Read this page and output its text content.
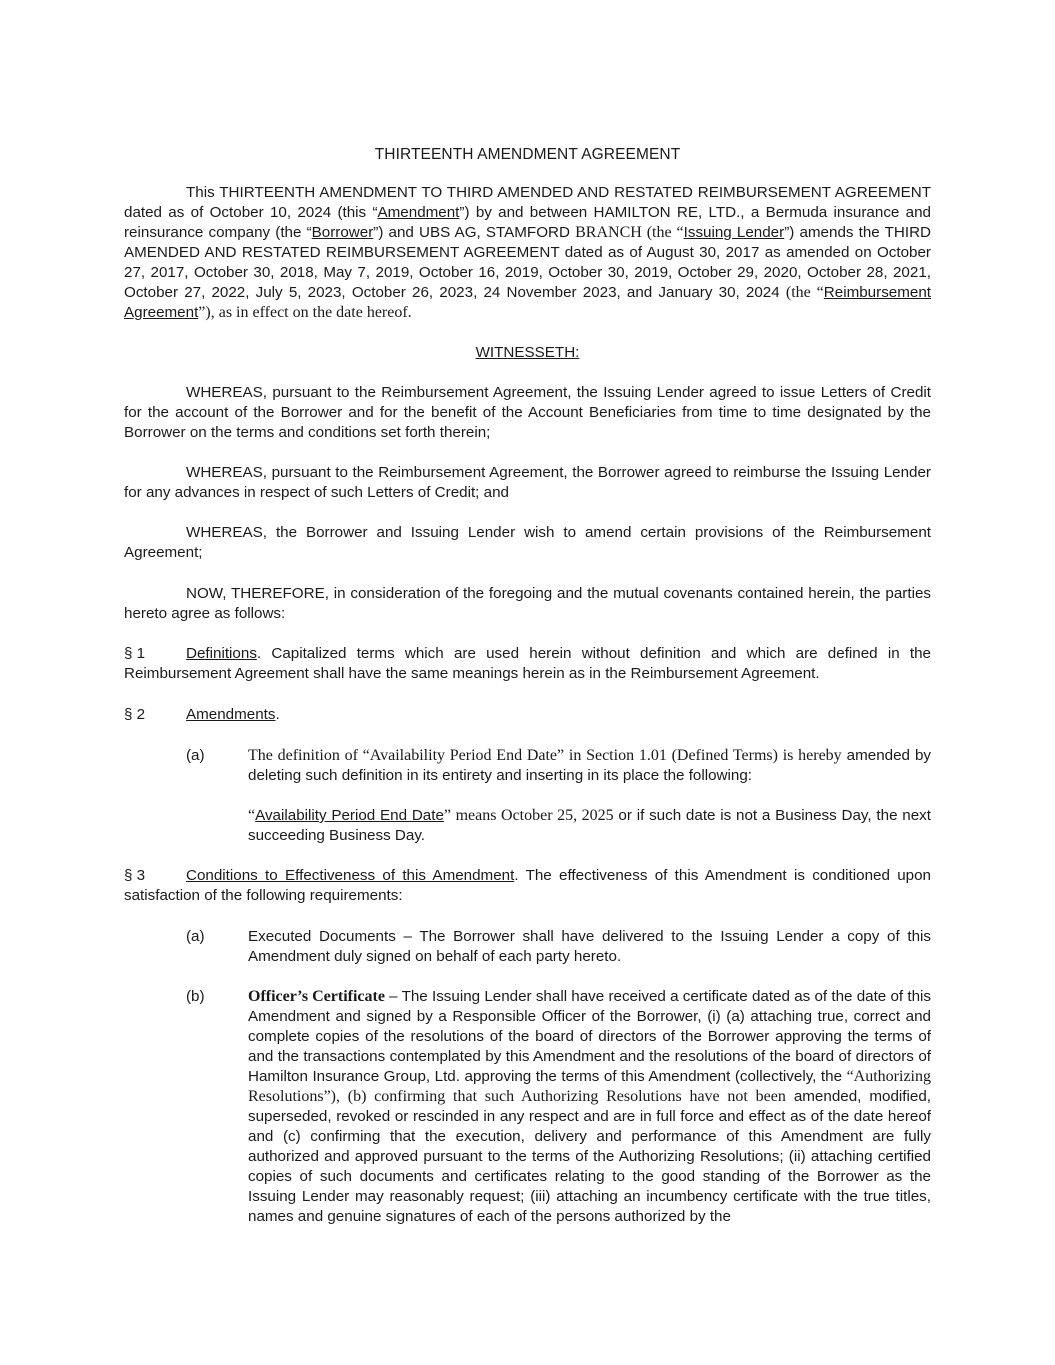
THIRTEENTH AMENDMENT AGREEMENT

This THIRTEENTH AMENDMENT TO THIRD AMENDED AND RESTATED REIMBURSEMENT AGREEMENT dated as of October 10, 2024 (this “Amendment”) by and between HAMILTON RE, LTD., a Bermuda insurance and reinsurance company (the “Borrower”) and UBS AG, STAMFORD BRANCH (the “Issuing Lender”) amends the THIRD AMENDED AND RESTATED REIMBURSEMENT AGREEMENT dated as of August 30, 2017 as amended on October 27, 2017, October 30, 2018, May 7, 2019, October 16, 2019, October 30, 2019, October 29, 2020, October 28, 2021, October 27, 2022, July 5, 2023, October 26, 2023, 24 November 2023, and January 30, 2024 (the “Reimbursement Agreement”), as in effect on the date hereof.

WITNESSETH:

WHEREAS, pursuant to the Reimbursement Agreement, the Issuing Lender agreed to issue Letters of Credit for the account of the Borrower and for the benefit of the Account Beneficiaries from time to time designated by the Borrower on the terms and conditions set forth therein;

WHEREAS, pursuant to the Reimbursement Agreement, the Borrower agreed to reimburse the Issuing Lender for any advances in respect of such Letters of Credit; and

WHEREAS, the Borrower and Issuing Lender wish to amend certain provisions of the Reimbursement Agreement;

NOW, THEREFORE, in consideration of the foregoing and the mutual covenants contained herein, the parties hereto agree as follows:

§ 1	Definitions. Capitalized terms which are used herein without definition and which are defined in the Reimbursement Agreement shall have the same meanings herein as in the Reimbursement Agreement.

§ 2	Amendments.

(a)	The definition of “Availability Period End Date” in Section 1.01 (Defined Terms) is hereby amended by deleting such definition in its entirety and inserting in its place the following:

“Availability Period End Date” means October 25, 2025 or if such date is not a Business Day, the next succeeding Business Day.

§ 3	Conditions to Effectiveness of this Amendment. The effectiveness of this Amendment is conditioned upon satisfaction of the following requirements:

(a)	Executed Documents – The Borrower shall have delivered to the Issuing Lender a copy of this Amendment duly signed on behalf of each party hereto.
(b)	Officer’s Certificate – The Issuing Lender shall have received a certificate dated as of the date of this Amendment and signed by a Responsible Officer of the Borrower, (i) (a) attaching true, correct and complete copies of the resolutions of the board of directors of the Borrower approving the terms of and the transactions contemplated by this Amendment and the resolutions of the board of directors of Hamilton Insurance Group, Ltd. approving the terms of this Amendment (collectively, the “Authorizing Resolutions”), (b) confirming that such Authorizing Resolutions have not been amended, modified, superseded, revoked or rescinded in any respect and are in full force and effect as of the date hereof and (c) confirming that the execution, delivery and performance of this Amendment are fully authorized and approved pursuant to the terms of the Authorizing Resolutions; (ii) attaching certified copies of such documents and certificates relating to the good standing of the Borrower as the Issuing Lender may reasonably request; (iii) attaching an incumbency certificate with the true titles, names and genuine signatures of each of the persons authorized by the
